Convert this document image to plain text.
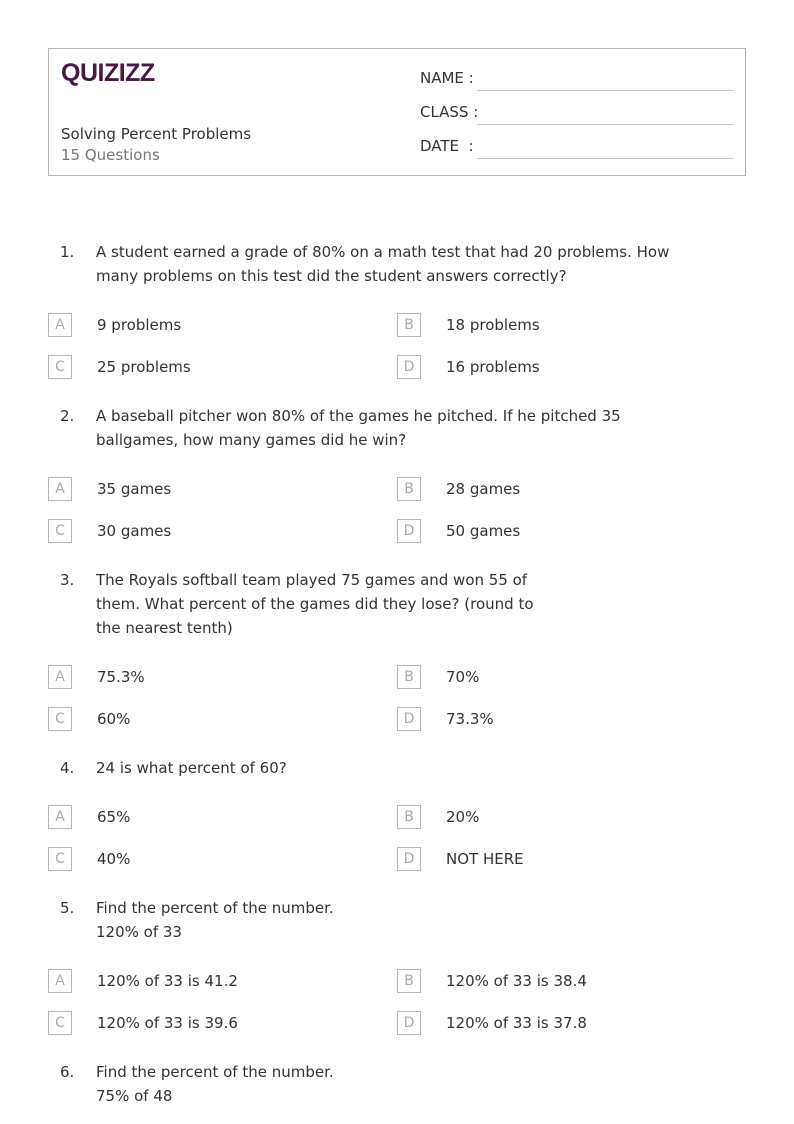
QUIZIZZ
Solving Percent Problems
15 Questions
NAME :
CLASS :
DATE  :
1.	A student earned a grade of 80% on a math test that had 20 problems. How many problems on this test did the student answers correctly?
A	9 problems	B	18 problems
C	25 problems	D	16 problems
2.	A baseball pitcher won 80% of the games he pitched. If he pitched 35 ballgames, how many games did he win?
A	35 games	B	28 games
C	30 games	D	50 games
3.	The Royals softball team played 75 games and won 55 of
them. What percent of the games did they lose? (round to
the nearest tenth)
A	75.3%	B	70%
C	60%	D	73.3%
4.	24 is what percent of 60?
A	65%	B	20%
C	40%	D	NOT HERE
5.	Find the percent of the number.
120% of 33
A	120% of 33 is 41.2	B	120% of 33 is 38.4
C	120% of 33 is 39.6	D	120% of 33 is 37.8
6.	Find the percent of the number.
75% of 48
